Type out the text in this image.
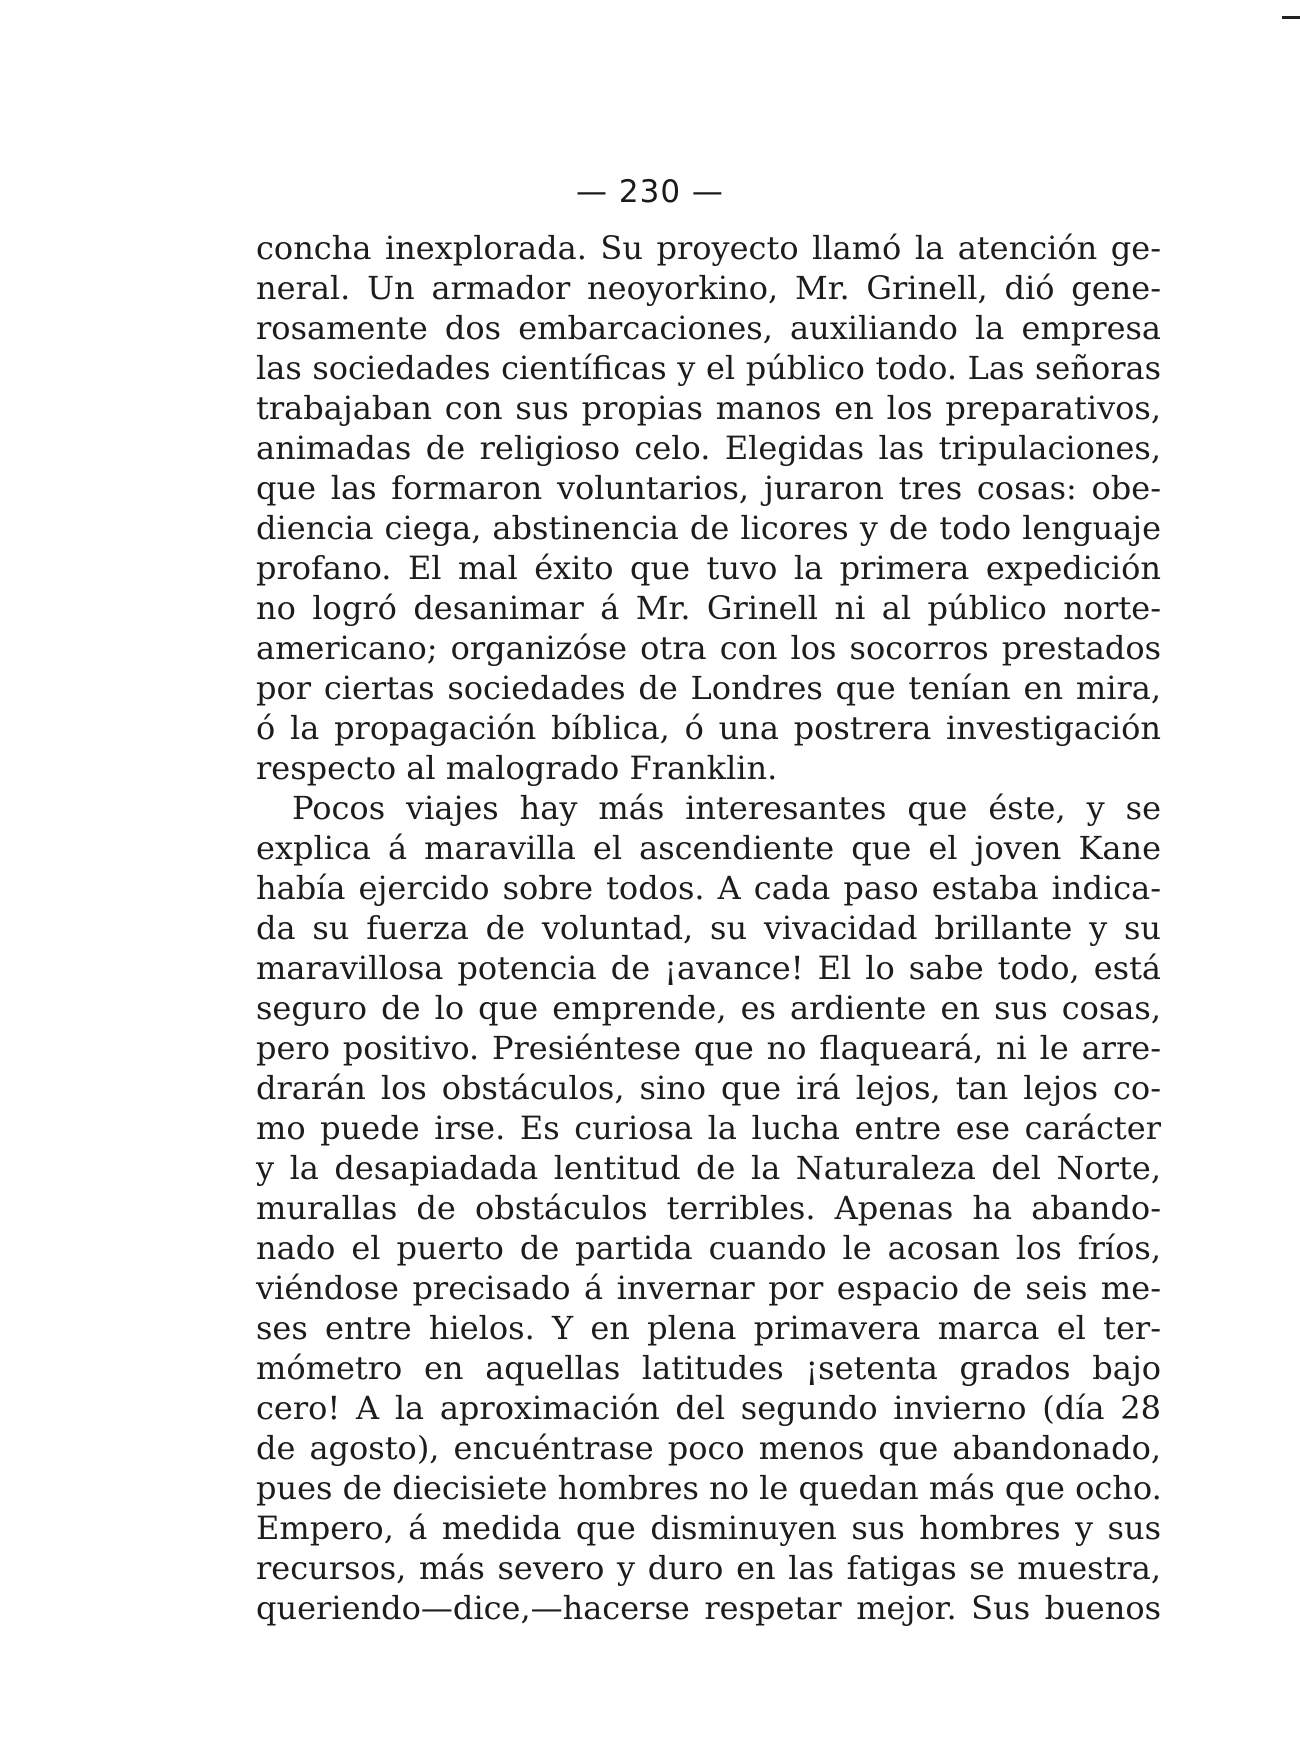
— 230 —

concha inexplorada. Su proyecto llamó la atención ge-
neral. Un armador neoyorkino, Mr. Grinell, dió gene-
rosamente dos embarcaciones, auxiliando la empresa
las sociedades científicas y el público todo. Las señoras
trabajaban con sus propias manos en los preparativos,
animadas de religioso celo. Elegidas las tripulaciones,
que las formaron voluntarios, juraron tres cosas: obe-
diencia ciega, abstinencia de licores y de todo lenguaje
profano. El mal éxito que tuvo la primera expedición
no logró desanimar á Mr. Grinell ni al público norte-
americano; organizóse otra con los socorros prestados
por ciertas sociedades de Londres que tenían en mira,
ó la propagación bíblica, ó una postrera investigación
respecto al malogrado Franklin.

Pocos viajes hay más interesantes que éste, y se
explica á maravilla el ascendiente que el joven Kane
había ejercido sobre todos. A cada paso estaba indica-
da su fuerza de voluntad, su vivacidad brillante y su
maravillosa potencia de ¡avance! El lo sabe todo, está
seguro de lo que emprende, es ardiente en sus cosas,
pero positivo. Presiéntese que no flaqueará, ni le arre-
drarán los obstáculos, sino que irá lejos, tan lejos co-
mo puede irse. Es curiosa la lucha entre ese carácter
y la desapiadada lentitud de la Naturaleza del Norte,
murallas de obstáculos terribles. Apenas ha abando-
nado el puerto de partida cuando le acosan los fríos,
viéndose precisado á invernar por espacio de seis me-
ses entre hielos. Y en plena primavera marca el ter-
mómetro en aquellas latitudes ¡setenta grados bajo
cero! A la aproximación del segundo invierno (día 28
de agosto), encuéntrase poco menos que abandonado,
pues de diecisiete hombres no le quedan más que ocho.
Empero, á medida que disminuyen sus hombres y sus
recursos, más severo y duro en las fatigas se muestra,
queriendo—dice,—hacerse respetar mejor. Sus buenos
